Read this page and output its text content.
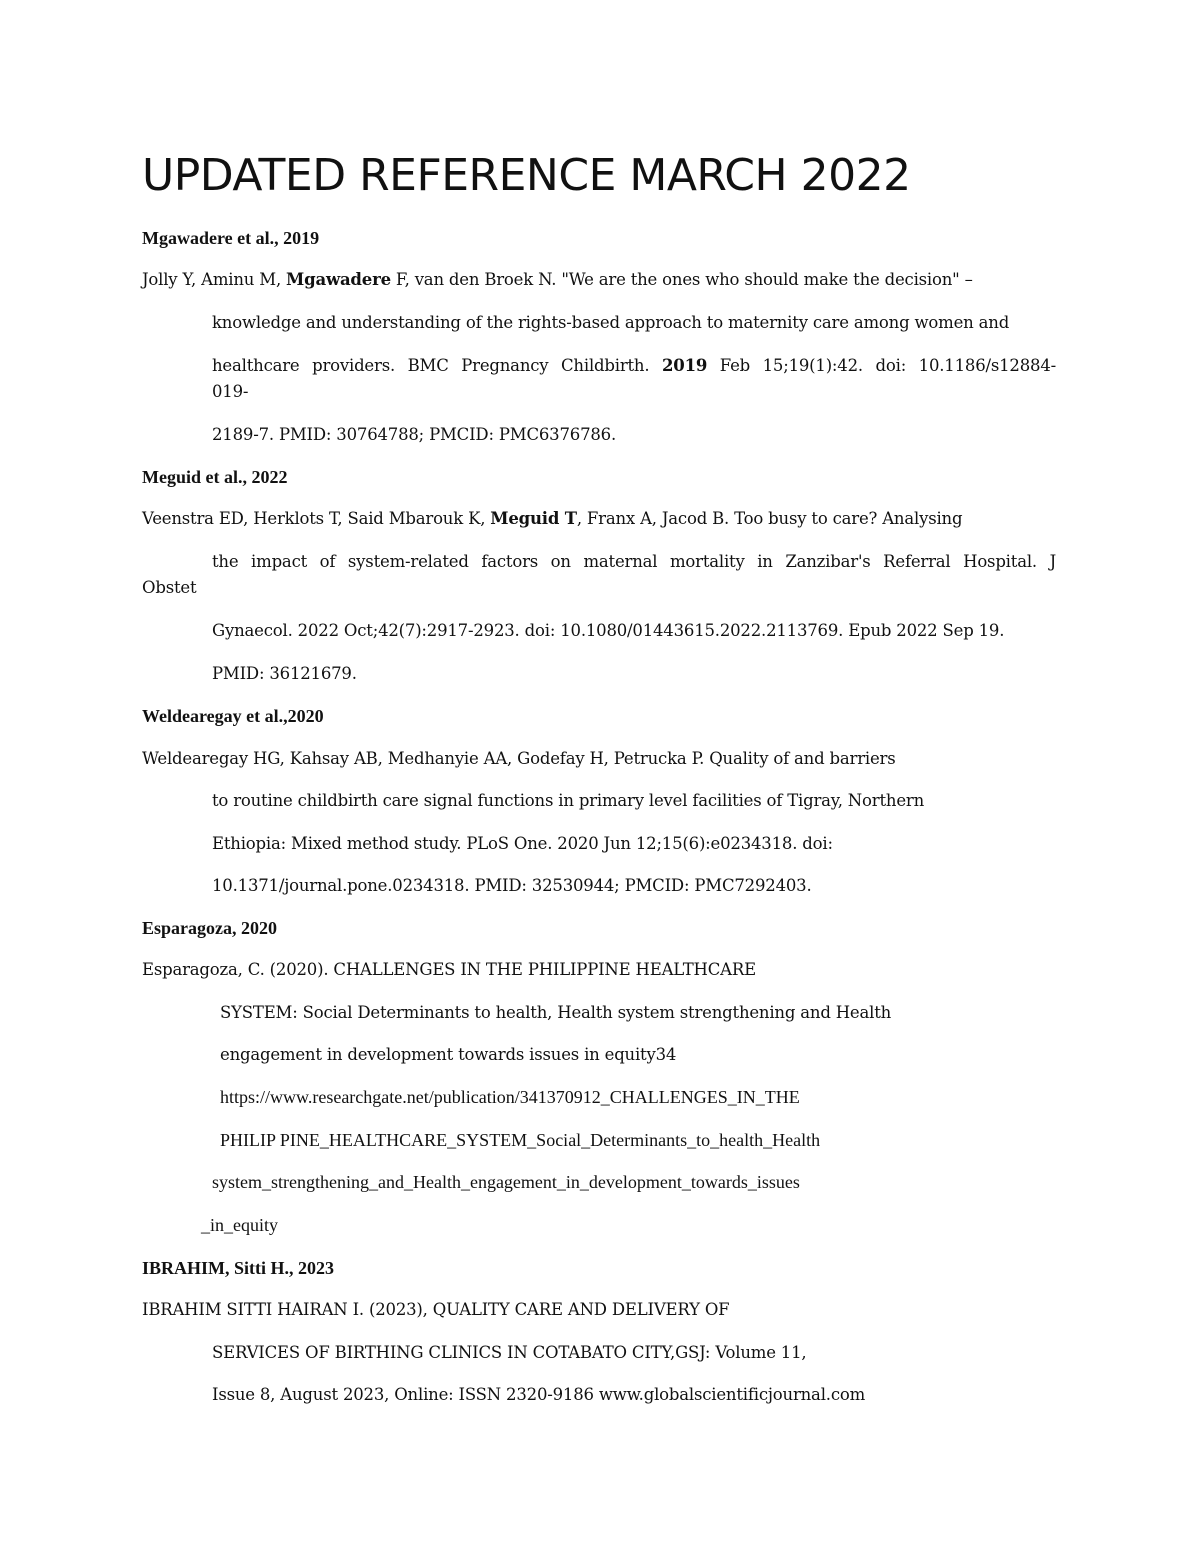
UPDATED REFERENCE MARCH 2022

Mgawadere et al., 2019

Jolly Y, Aminu M, Mgawadere F, van den Broek N. "We are the ones who should make the decision" –

knowledge and understanding of the rights-based approach to maternity care among women and

healthcare providers. BMC Pregnancy Childbirth. 2019 Feb 15;19(1):42. doi: 10.1186/s12884-

019-

2189-7. PMID: 30764788; PMCID: PMC6376786.

Meguid et al., 2022

Veenstra ED, Herklots T, Said Mbarouk K, Meguid T, Franx A, Jacod B. Too busy to care? Analysing

the impact of system-related factors on maternal mortality in Zanzibar's Referral Hospital. J

Obstet

Gynaecol. 2022 Oct;42(7):2917-2923. doi: 10.1080/01443615.2022.2113769. Epub 2022 Sep 19.

PMID: 36121679.

Weldearegay et al.,2020

Weldearegay HG, Kahsay AB, Medhanyie AA, Godefay H, Petrucka P. Quality of and barriers

to routine childbirth care signal functions in primary level facilities of Tigray, Northern

Ethiopia: Mixed method study. PLoS One. 2020 Jun 12;15(6):e0234318. doi:

10.1371/journal.pone.0234318. PMID: 32530944; PMCID: PMC7292403.

Esparagoza, 2020

Esparagoza, C. (2020). CHALLENGES IN THE PHILIPPINE HEALTHCARE

SYSTEM: Social Determinants to health, Health system strengthening and Health

engagement in development towards issues in equity34

https://www.researchgate.net/publication/341370912_CHALLENGES_IN_THE

PHILIP PINE_HEALTHCARE_SYSTEM_Social_Determinants_to_health_Health

system_strengthening_and_Health_engagement_in_development_towards_issues

_in_equity

IBRAHIM, Sitti H., 2023

IBRAHIM SITTI HAIRAN I. (2023), QUALITY CARE AND DELIVERY OF

SERVICES OF BIRTHING CLINICS IN COTABATO CITY,GSJ: Volume 11,

Issue 8, August 2023, Online: ISSN 2320-9186 www.globalscientificjournal.com
